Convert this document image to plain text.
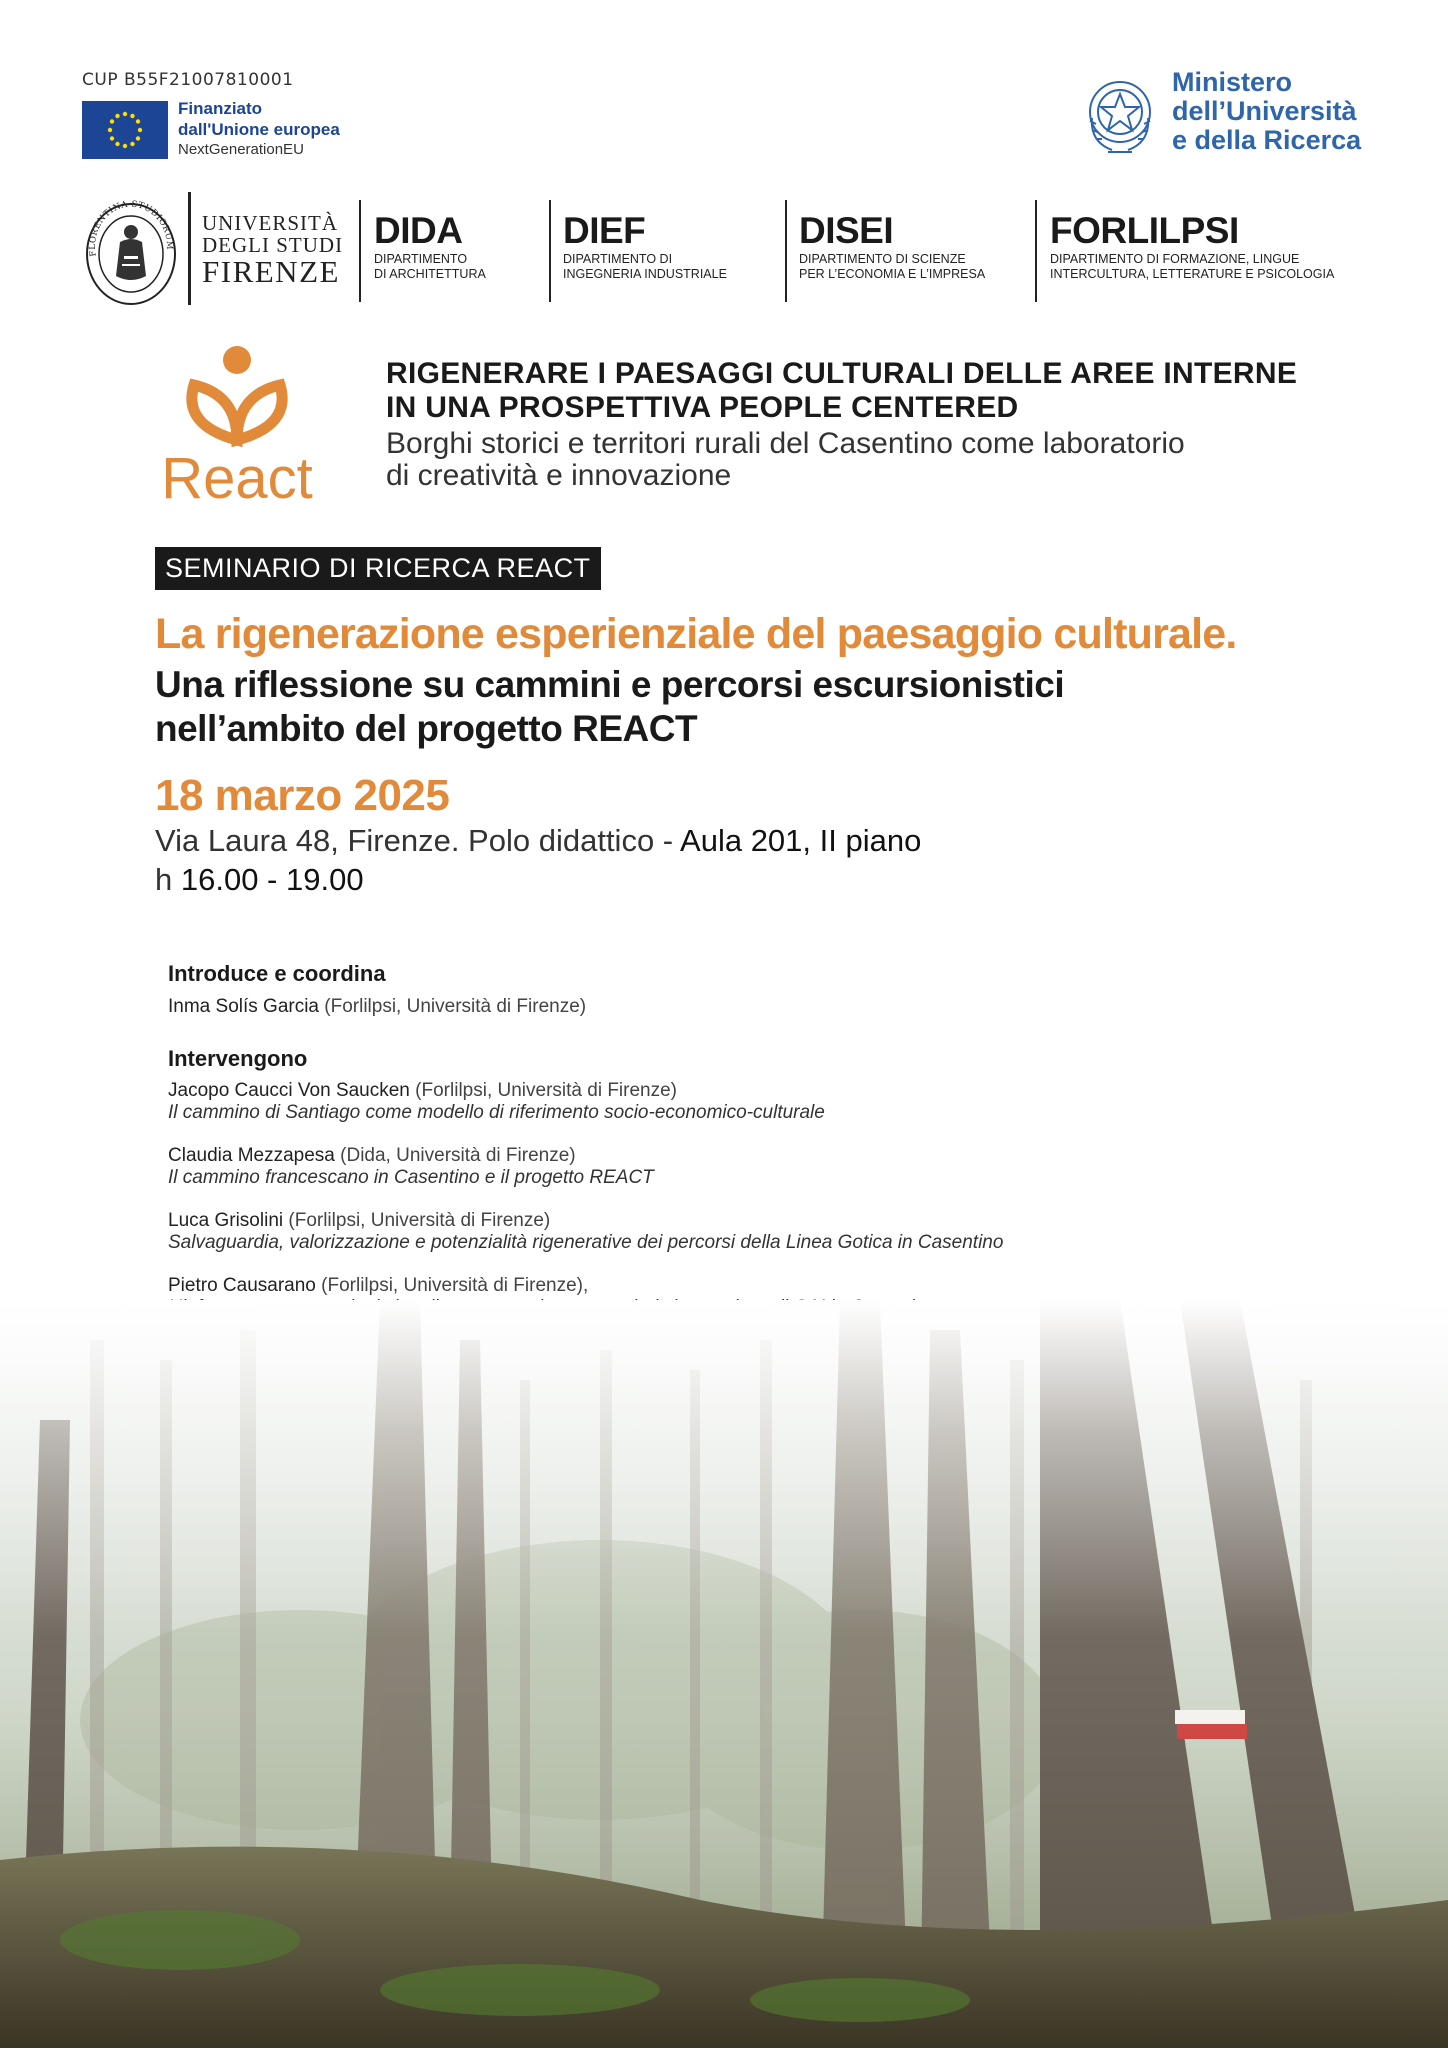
CUP B55F21007810001
Finanziato
dall'Unione europea
NextGenerationEU
Ministero
dell’Università
e della Ricerca
FLORENTINA STUDIORUM
UNIVERSITÀ
DEGLI STUDI
FIRENZE
DIDA
DIPARTIMENTO
DI ARCHITETTURA
DIEF
DIPARTIMENTO DI
INGEGNERIA INDUSTRIALE
DISEI
DIPARTIMENTO DI SCIENZE
PER L’ECONOMIA E L’IMPRESA
FORLILPSI
DIPARTIMENTO DI FORMAZIONE, LINGUE
INTERCULTURA, LETTERATURE E PSICOLOGIA
React
RIGENERARE I PAESAGGI CULTURALI DELLE AREE INTERNE
IN UNA PROSPETTIVA PEOPLE CENTERED
Borghi storici e territori rurali del Casentino come laboratorio
di creatività e innovazione
SEMINARIO DI RICERCA REACT
La rigenerazione esperienziale del paesaggio culturale.
Una riflessione su cammini e percorsi escursionistici
nell’ambito del progetto REACT
18 marzo 2025
Via Laura 48, Firenze. Polo didattico - Aula 201, II piano
h 16.00 - 19.00
Introduce e coordina
Inma Solís Garcia (Forlilpsi, Università di Firenze)
Intervengono
Jacopo Caucci Von Saucken (Forlilpsi, Università di Firenze)
Il cammino di Santiago come modello di riferimento socio-economico-culturale
Claudia Mezzapesa (Dida, Università di Firenze)
Il cammino francescano in Casentino e il progetto REACT
Luca Grisolini (Forlilpsi, Università di Firenze)
Salvaguardia, valorizzazione e potenzialità rigenerative dei percorsi della Linea Gotica in Casentino
Pietro Causarano (Forlilpsi, Università di Firenze),
